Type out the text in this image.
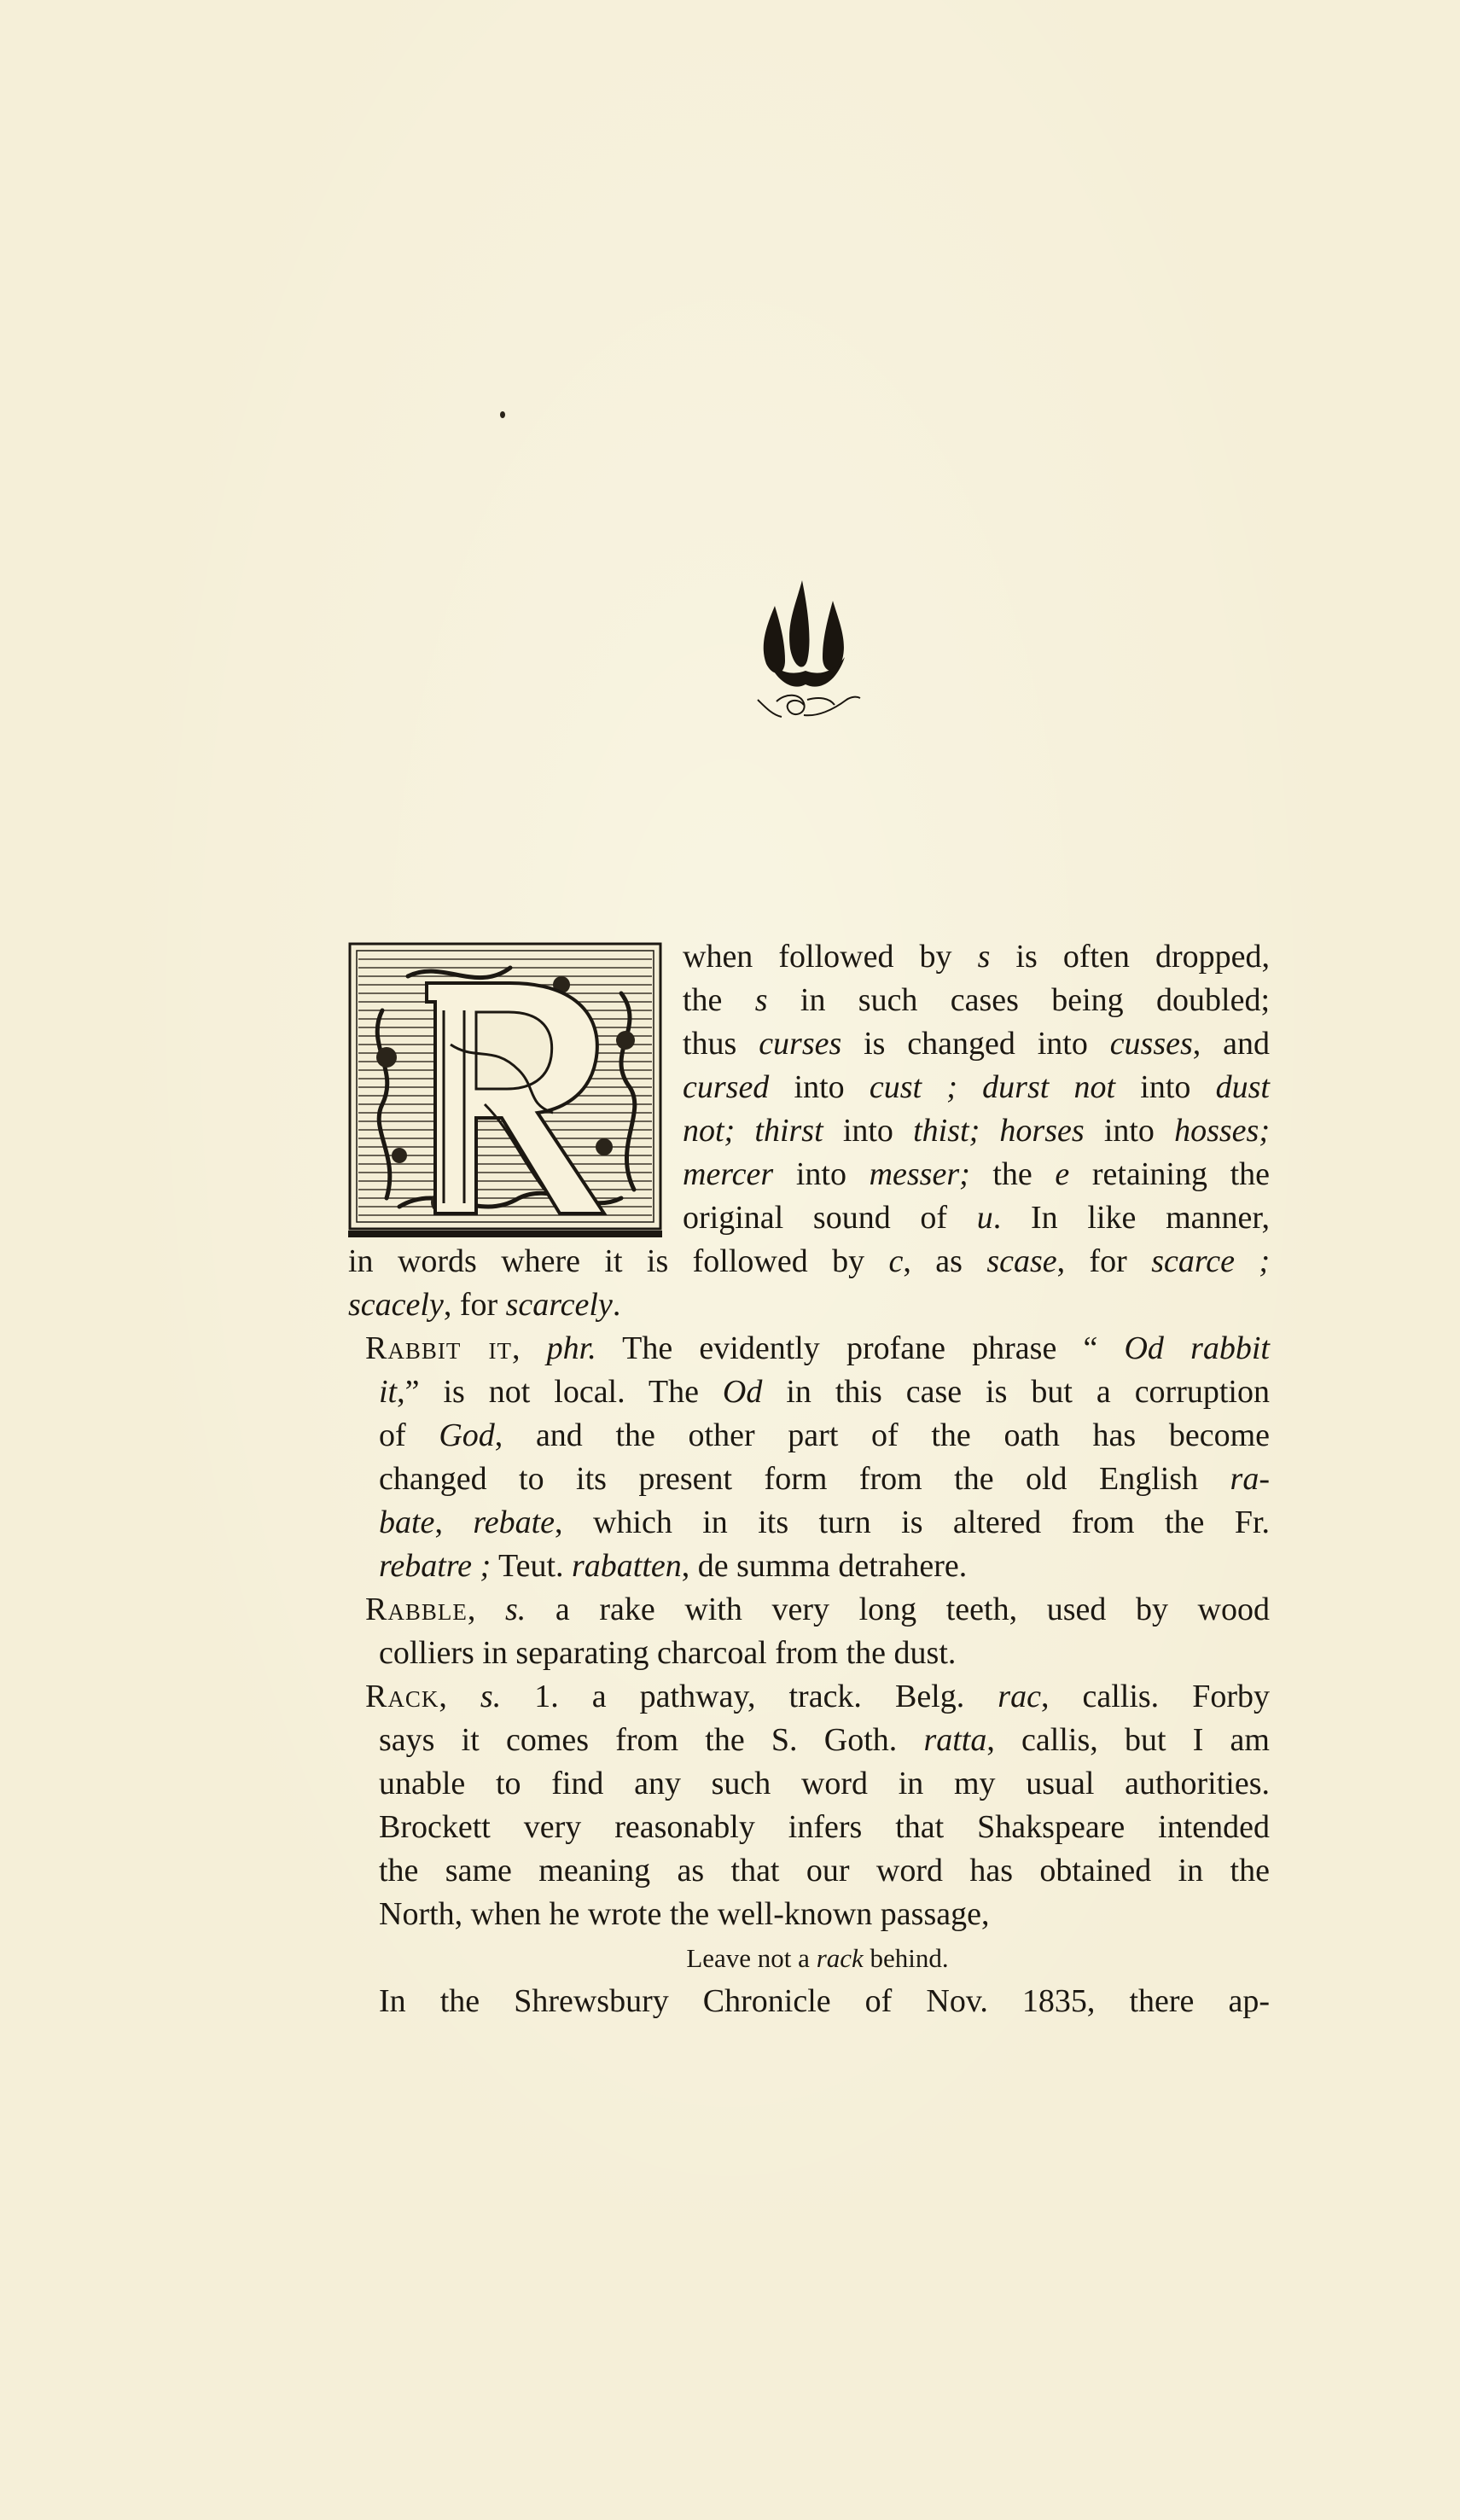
when followed by s is often dropped,
the s in such cases being doubled;
thus curses is changed into cusses, and
cursed into cust ; durst not into dust
not; thirst into thist; horses into hosses;
mercer into messer; the e retaining the
original sound of u. In like manner,
in words where it is followed by c, as scase, for scarce ;
scacely, for scarcely.
Rabbit it, phr. The evidently profane phrase “ Od rabbit
it,” is not local. The Od in this case is but a corruption
of God, and the other part of the oath has become
changed to its present form from the old English ra-
bate, rebate, which in its turn is altered from the Fr.
rebatre ; Teut. rabatten, de summa detrahere.
Rabble, s. a rake with very long teeth, used by wood
colliers in separating charcoal from the dust.
Rack, s. 1. a pathway, track. Belg. rac, callis. Forby
says it comes from the S. Goth. ratta, callis, but I am
unable to find any such word in my usual authorities.
Brockett very reasonably infers that Shakspeare intended
the same meaning as that our word has obtained in the
North, when he wrote the well-known passage,
Leave not a rack behind.
In the Shrewsbury Chronicle of Nov. 1835, there ap-
